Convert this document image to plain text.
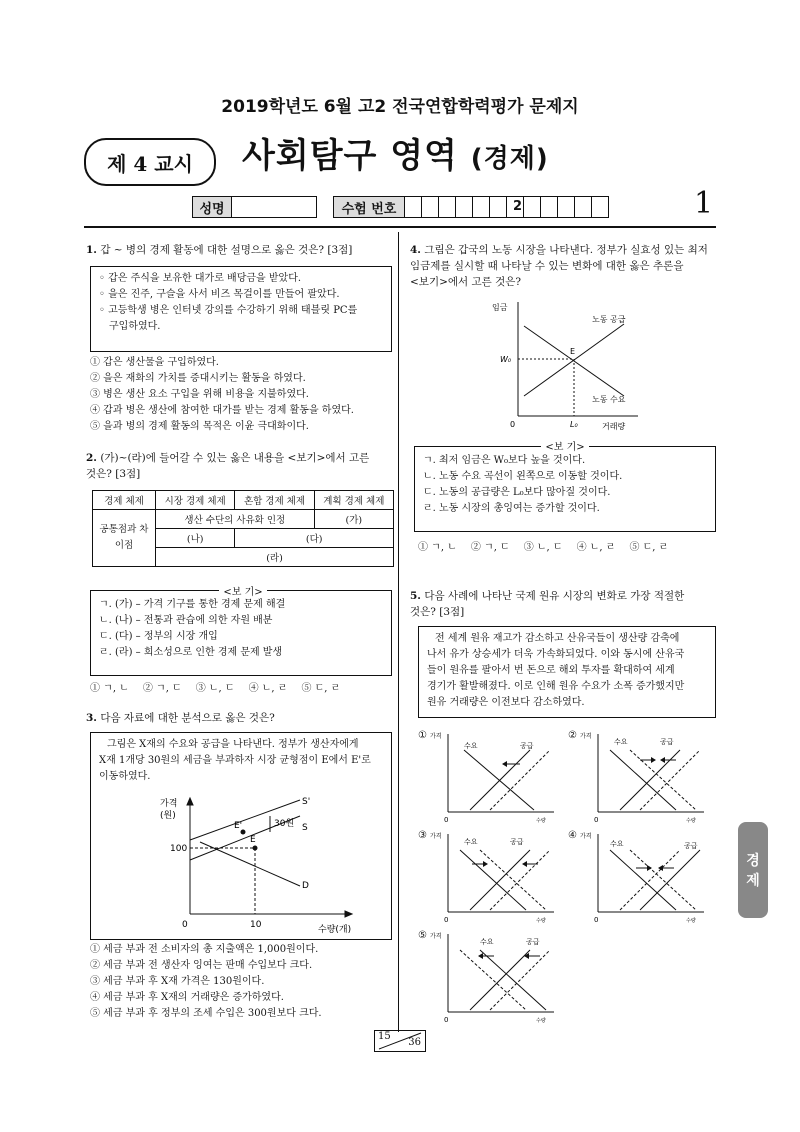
2019학년도 6월 고2 전국연합학력평가 문제지
제 4 교시	사회탐구 영역 (경제)
성명	수험 번호	2	1
1. 갑 ~ 병의 경제 활동에 대한 설명으로 옳은 것은? [3점]
◦ 갑은 주식을 보유한 대가로 배당금을 받았다.
◦ 을은 진주, 구슬을 사서 비즈 목걸이를 만들어 팔았다.
◦ 고등학생 병은 인터넷 강의를 수강하기 위해 태블릿 PC를
구입하였다.
① 갑은 생산물을 구입하였다.
② 을은 재화의 가치를 증대시키는 활동을 하였다.
③ 병은 생산 요소 구입을 위해 비용을 지불하였다.
④ 갑과 병은 생산에 참여한 대가를 받는 경제 활동을 하였다.
⑤ 을과 병의 경제 활동의 목적은 이윤 극대화이다.
2. (가)~(라)에 들어갈 수 있는 옳은 내용을 <보기>에서 고른
것은? [3점]
경제 체제	시장 경제 체제	혼합 경제 체제	계획 경제 체제
공통점과 차이점	생산 수단의 사유화 인정		(가)
	(나)	(다)	
	(라)		
<보 기>
ㄱ. (가) – 가격 기구를 통한 경제 문제 해결
ㄴ. (나) – 전통과 관습에 의한 자원 배분
ㄷ. (다) – 정부의 시장 개입
ㄹ. (라) – 희소성으로 인한 경제 문제 발생
① ㄱ, ㄴ ② ㄱ, ㄷ ③ ㄴ, ㄷ ④ ㄴ, ㄹ ⑤ ㄷ, ㄹ
3. 다음 자료에 대한 분석으로 옳은 것은?
그림은 X재의 수요와 공급을 나타낸다. 정부가 생산자에게
X재 1개당 30원의 세금을 부과하자 시장 균형점이 E에서 E'로
이동하였다.
가격
(원)
100
0	10	수량(개)
S'
S
D
E
E'	30원
① 세금 부과 전 소비자의 총 지출액은 1,000원이다.
② 세금 부과 전 생산자 잉여는 판매 수입보다 크다.
③ 세금 부과 후 X재 가격은 130원이다.
④ 세금 부과 후 X재의 거래량은 증가하였다.
⑤ 세금 부과 후 정부의 조세 수입은 300원보다 크다.
4. 그림은 갑국의 노동 시장을 나타낸다. 정부가 실효성 있는 최저
임금제를 실시할 때 나타날 수 있는 변화에 대한 옳은 추론을
<보기>에서 고른 것은?
임금
노동 공급
노동 수요
E
W₀
L₀
0	거래량
<보 기>
ㄱ. 최저 임금은 W₀보다 높을 것이다.
ㄴ. 노동 수요 곡선이 왼쪽으로 이동할 것이다.
ㄷ. 노동의 공급량은 L₀보다 많아질 것이다.
ㄹ. 노동 시장의 총잉여는 증가할 것이다.
① ㄱ, ㄴ ② ㄱ, ㄷ ③ ㄴ, ㄷ ④ ㄴ, ㄹ ⑤ ㄷ, ㄹ
5. 다음 사례에 나타난 국제 원유 시장의 변화로 가장 적절한
것은? [3점]
전 세계 원유 재고가 감소하고 산유국들이 생산량 감축에
나서 유가 상승세가 더욱 가속화되었다. 이와 동시에 산유국
들이 원유를 팔아서 번 돈으로 해외 투자를 확대하여 세계
경기가 활발해졌다. 이로 인해 원유 수요가 소폭 증가했지만
원유 거래량은 이전보다 감소하였다.
①	②
③	④
⑤
가격
수요	공급
0	수량
가격
수요	공급
0	수량
가격
수요	공급
0	수량
가격
수요	공급
0	수량
가격
수요	공급
0	수량
경
제
15
36
